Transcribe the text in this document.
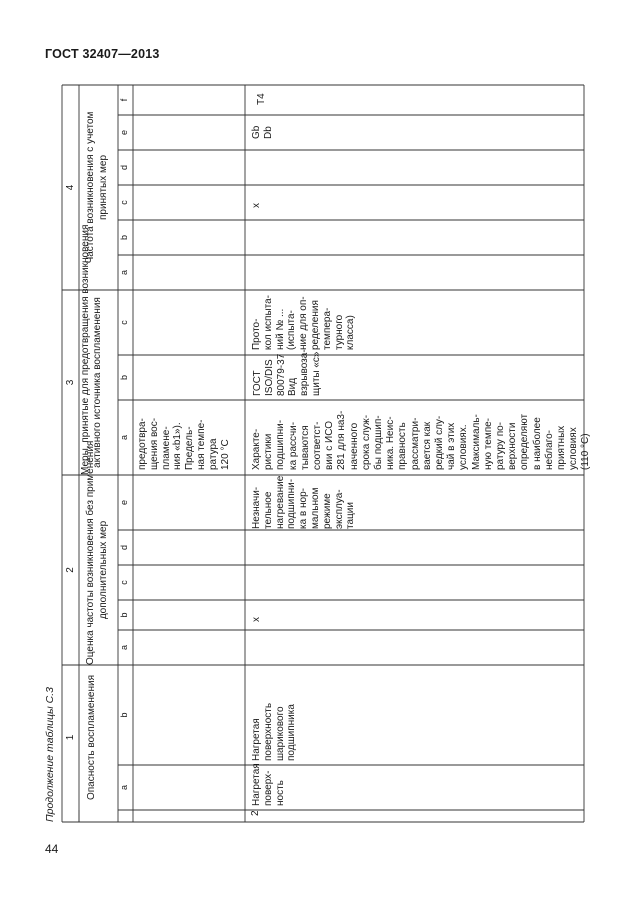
ГОСТ 32407—2013
44
1
2
3
4
Опасность воспламенения
Оценка частоты возникновения без применения
дополнительных мер
Меры, принятые для предотвращения возникновения
активного источника воспламенения
Частота возникновения с учетом
принятых мер
а
b
a
b
c
d
e
a
b
c
a
b
c
d
e
f
предотвра-
щения вос-
пламене-
ния «b1»).
Предель-
ная темпе-
ратура
120 °C
2
Нагретая
поверх-
ность
Нагретая
поверхность
шарикового
подшипника
x
Незначи-
тельное
нагревание
подшипни-
ка в нор-
мальном
режиме
эксплуа-
тации
Характе-
ристики
подшипни-
ка рассчи-
тываются
соответст-
вии с ИСО
281 для на3-
наченного
срока служ-
бы подшип-
ника. Неис-
правность
рассматри-
вается как
редкий слу-
чай в этих
условиях.
Максималь-
ную темпе-
ратуру по-
верхности
определяют
в наиболее
неблаго-
приятных
условиях
(110 °C)
ГОСТ
ISO/DIS
80079-37
Вид
взрывоза-
щиты «c»
Прото-
кол испыта-
ний № ...
(испыта-
ние для оп-
ределения
темпера-
турного
класса)
x
Gb
Db
T4
Продолжение таблицы С.3
